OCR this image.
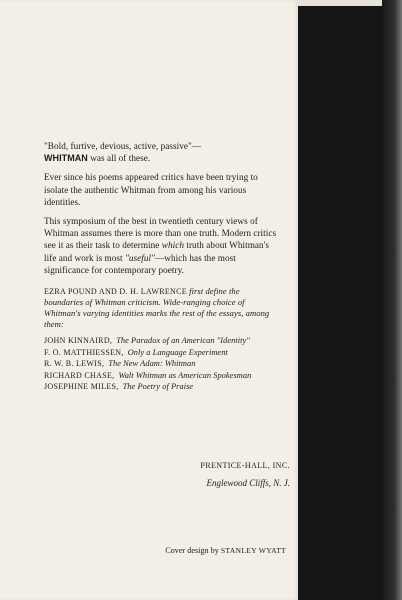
"Bold, furtive, devious, active, passive"—
WHITMAN was all of these.

Ever since his poems appeared critics have been trying to isolate the authentic Whitman from among his various identities.

This symposium of the best in twentieth century views of Whitman assumes there is more than one truth. Modern critics see it as their task to determine which truth about Whitman's life and work is most "useful"—which has the most significance for contemporary poetry.

EZRA POUND AND D. H. LAWRENCE first define the boundaries of Whitman criticism. Wide-ranging choice of Whitman's varying identities marks the rest of the essays, among them:

JOHN KINNAIRD, The Paradox of an American "Identity"
F. O. MATTHIESSEN, Only a Language Experiment
R. W. B. LEWIS, The New Adam: Whitman
RICHARD CHASE, Walt Whitman as American Spokesman
JOSEPHINE MILES, The Poetry of Praise
PRENTICE-HALL, INC.
Englewood Cliffs, N. J.
Cover design by STANLEY WYATT
